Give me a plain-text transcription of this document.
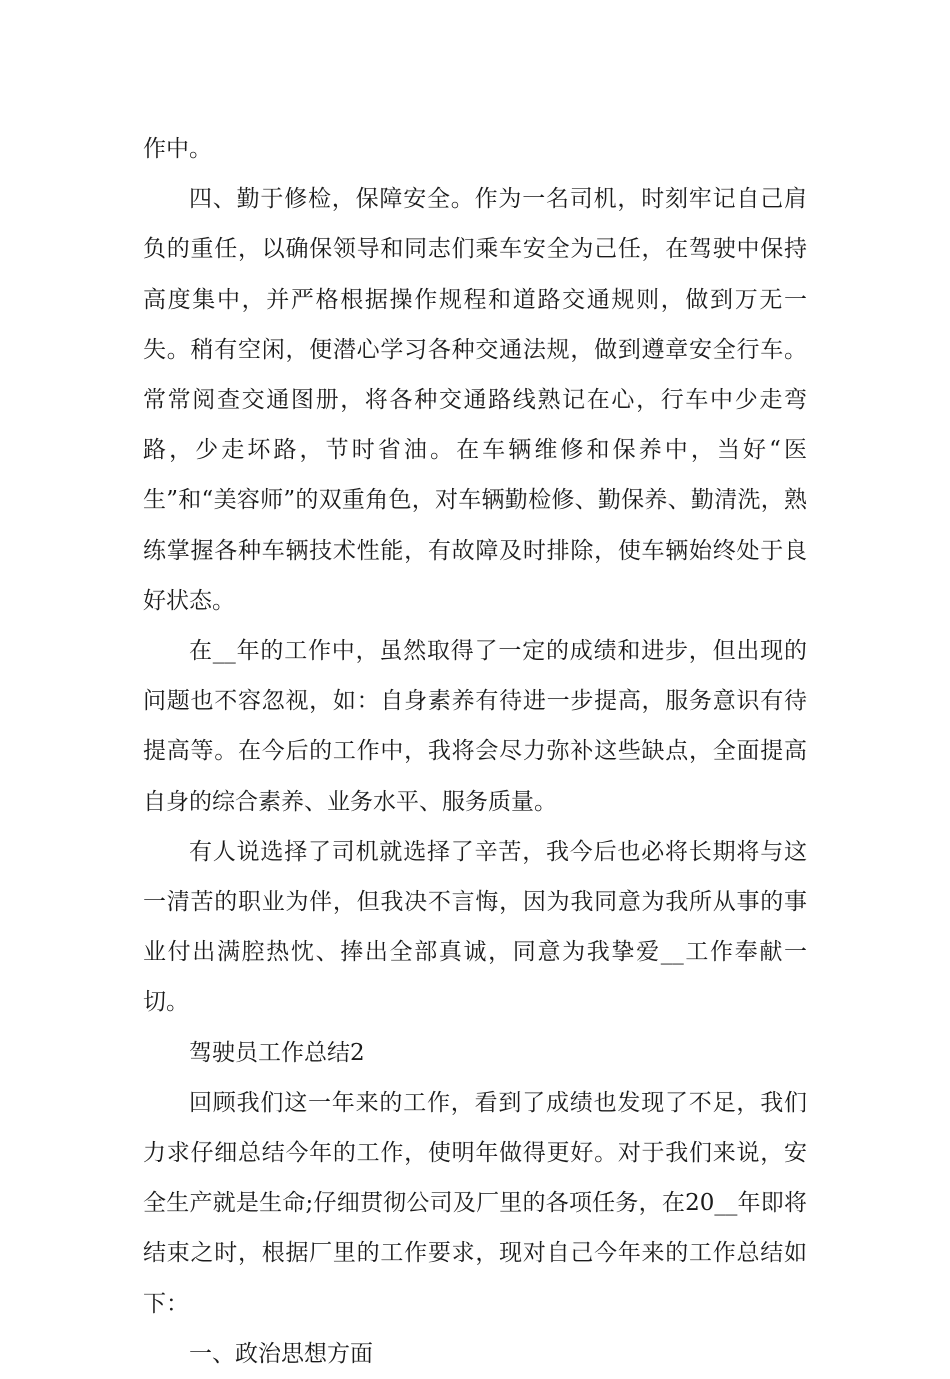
作中。

四、勤于修检，保障安全。作为一名司机，时刻牢记自己肩负的重任，以确保领导和同志们乘车安全为己任，在驾驶中保持高度集中，并严格根据操作规程和道路交通规则，做到万无一失。稍有空闲，便潜心学习各种交通法规，做到遵章安全行车。常常阅查交通图册，将各种交通路线熟记在心，行车中少走弯路，少走坏路，节时省油。在车辆维修和保养中，当好“医生”和“美容师”的双重角色，对车辆勤检修、勤保养、勤清洗，熟练掌握各种车辆技术性能，有故障及时排除，使车辆始终处于良好状态。

在__年的工作中，虽然取得了一定的成绩和进步，但出现的问题也不容忽视，如：自身素养有待进一步提高，服务意识有待提高等。在今后的工作中，我将会尽力弥补这些缺点，全面提高自身的综合素养、业务水平、服务质量。

有人说选择了司机就选择了辛苦，我今后也必将长期将与这一清苦的职业为伴，但我决不言悔，因为我同意为我所从事的事业付出满腔热忱、捧出全部真诚，同意为我挚爱__工作奉献一切。

驾驶员工作总结2

回顾我们这一年来的工作，看到了成绩也发现了不足，我们力求仔细总结今年的工作，使明年做得更好。对于我们来说，安全生产就是生命;仔细贯彻公司及厂里的各项任务，在20__年即将结束之时，根据厂里的工作要求，现对自己今年来的工作总结如下：

一、政治思想方面
